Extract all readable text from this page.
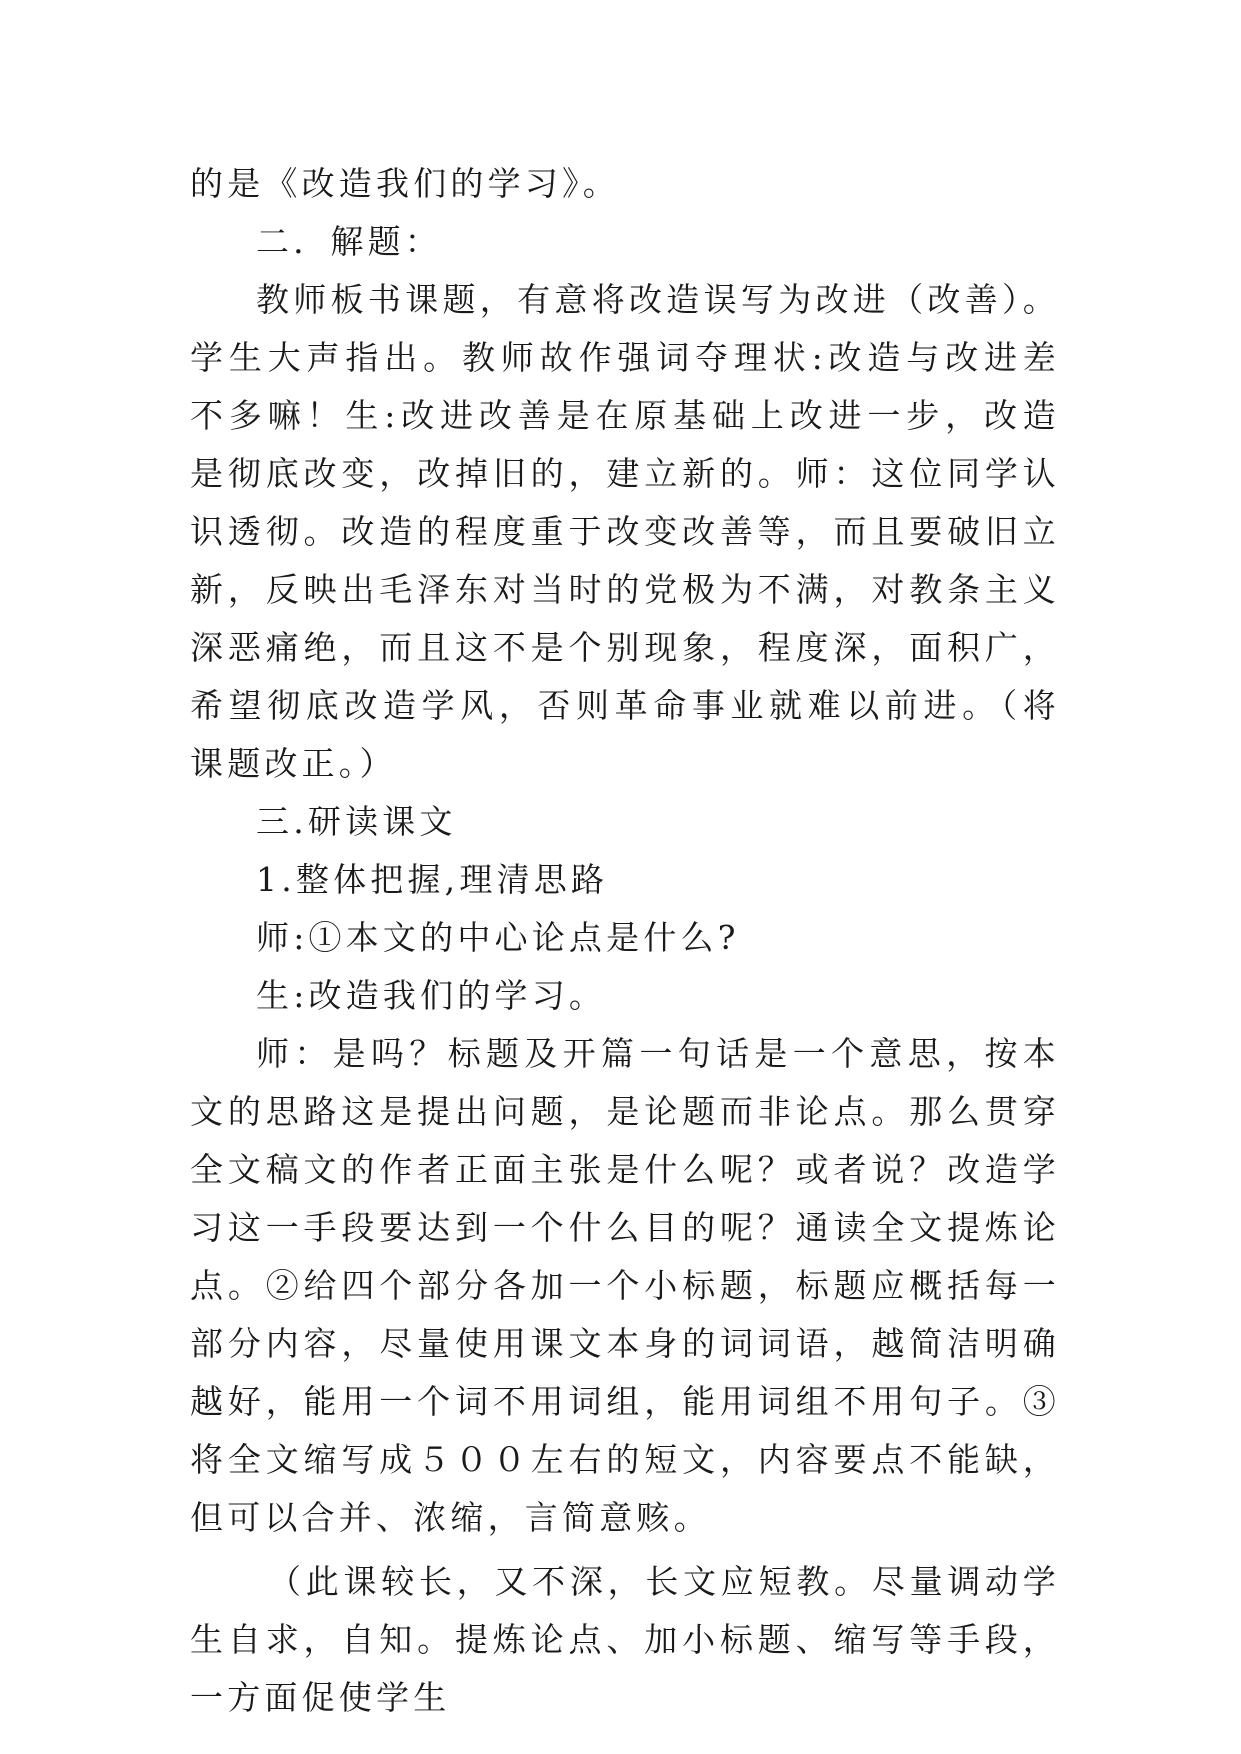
的是《改造我们的学习》。

二．解题：

教师板书课题，有意将改造误写为改进（改善）。学生大声指出。教师故作强词夺理状:改造与改进差不多嘛！生:改进改善是在原基础上改进一步，改造是彻底改变，改掉旧的，建立新的。师：这位同学认识透彻。改造的程度重于改变改善等，而且要破旧立新，反映出毛泽东对当时的党极为不满，对教条主义深恶痛绝，而且这不是个别现象，程度深，面积广，希望彻底改造学风，否则革命事业就难以前进。（将课题改正。）

三.研读课文

1.整体把握,理清思路

师:①本文的中心论点是什么?

生:改造我们的学习。

师：是吗？标题及开篇一句话是一个意思，按本文的思路这是提出问题，是论题而非论点。那么贯穿全文稿文的作者正面主张是什么呢？或者说？改造学习这一手段要达到一个什么目的呢？通读全文提炼论点。②给四个部分各加一个小标题，标题应概括每一部分内容，尽量使用课文本身的词词语，越简洁明确越好，能用一个词不用词组，能用词组不用句子。③将全文缩写成５００左右的短文，内容要点不能缺，但可以合并、浓缩，言简意赅。

（此课较长，又不深，长文应短教。尽量调动学生自求，自知。提炼论点、加小标题、缩写等手段，一方面促使学生
